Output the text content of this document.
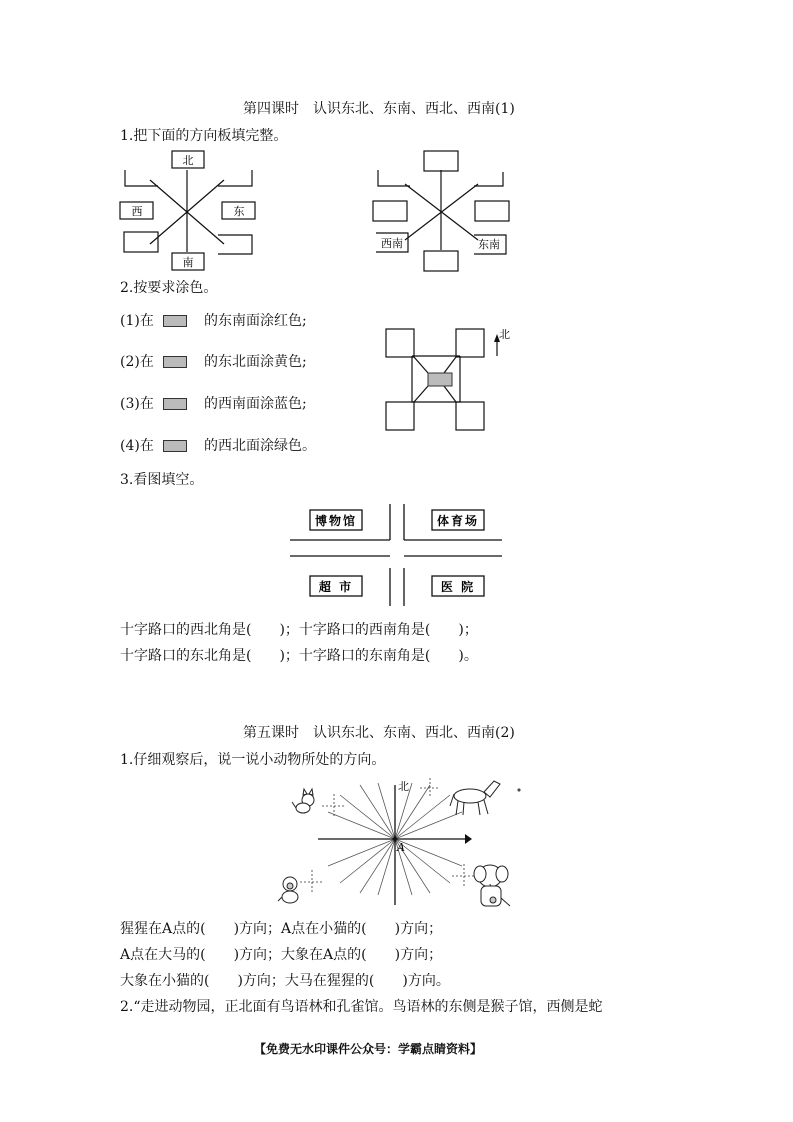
第四课时　认识东北、东南、西北、西南(1)
1.把下面的方向板填完整。
北
西	东
南
西南	东南
2.按要求涂色。
(1)在	的东南面涂红色;
(2)在	的东北面涂黄色;
(3)在	的西南面涂蓝色;
(4)在	的西北面涂绿色。
北
3.看图填空。
博物馆	体育场
超 市	医 院
十字路口的西北角是(　　)；十字路口的西南角是(　　)；
十字路口的东北角是(　　)；十字路口的东南角是(　　)。
第五课时　认识东北、东南、西北、西南(2)
1.仔细观察后，说一说小动物所处的方向。
北
A
猩猩在A点的(　　)方向；A点在小猫的(　　)方向；
A点在大马的(　　)方向；大象在A点的(　　)方向；
大象在小猫的(　　)方向；大马在猩猩的(　　)方向。
2.“走进动物园，正北面有鸟语林和孔雀馆。鸟语林的东侧是猴子馆，西侧是蛇
【免费无水印课件公众号：学霸点睛资料】
